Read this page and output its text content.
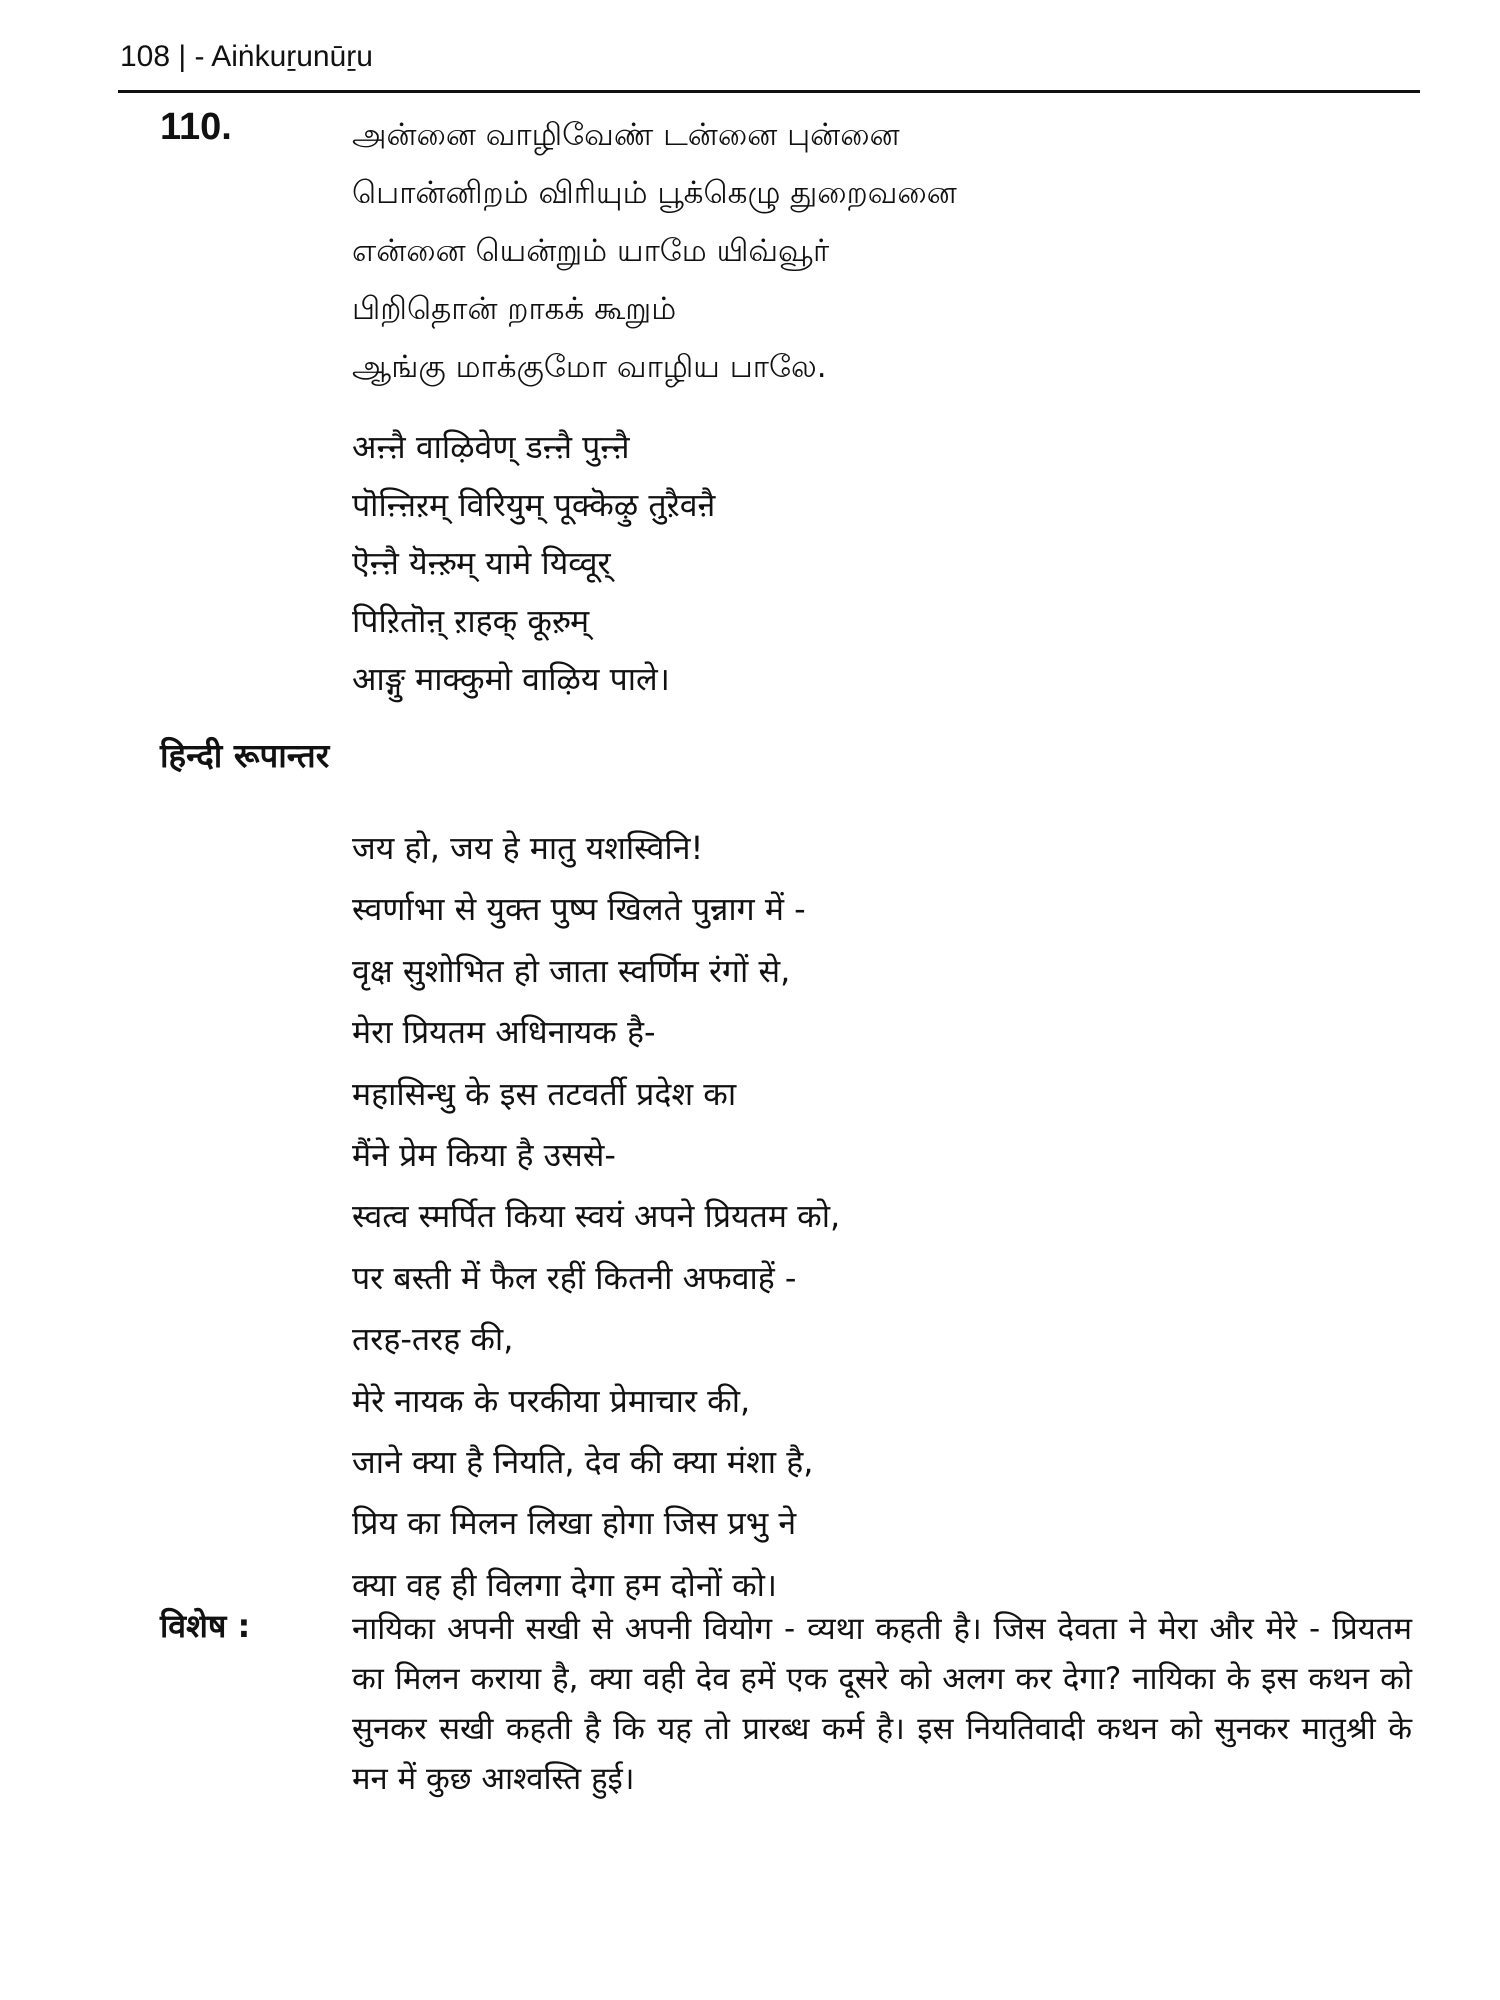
108 | - Aiṅkuṟunūṟu
110.	அன்னை வாழிவேண் டன்னை புன்னை
பொன்னிறம் விரியும் பூக்கெழு துறைவனை
என்னை யென்றும் யாமே யிவ்வூர்
பிறிதொன் றாகக் கூறும்
ஆங்கு மாக்குமோ வாழிய பாலே.
अऩ्ऩै वाऴिवेण् डऩ्ऩै पुऩ्ऩै
पॊऩ्ऩिऱम् विरियुम् पूक्कॆऴु तुऱैवऩै
ऎऩ्ऩै यॆऩ्ऱुम् यामे यिव्वूर्
पिऱितॊऩ् ऱाहक् कूऱुम्
आङ्गु माक्कुमो वाऴिय पाले।
हिन्दी रूपान्तर
जय हो, जय हे मातु यशस्विनि!
स्वर्णाभा से युक्त पुष्प खिलते पुन्नाग में -
वृक्ष सुशोभित हो जाता स्वर्णिम रंगों से,
मेरा प्रियतम अधिनायक है-
महासिन्धु के इस तटवर्ती प्रदेश का
मैंने प्रेम किया है उससे-
स्वत्व स्मर्पित किया स्वयं अपने प्रियतम को,
पर बस्ती में फैल रहीं कितनी अफवाहें -
तरह-तरह की,
मेरे नायक के परकीया प्रेमाचार की,
जाने क्या है नियति, देव की क्या मंशा है,
प्रिय का मिलन लिखा होगा जिस प्रभु ने
क्या वह ही विलगा देगा हम दोनों को।
विशेष :	नायिका अपनी सखी से अपनी वियोग - व्यथा कहती है। जिस देवता ने मेरा और मेरे - प्रियतम का मिलन कराया है, क्या वही देव हमें एक दूसरे को अलग कर देगा? नायिका के इस कथन को सुनकर सखी कहती है कि यह तो प्रारब्ध कर्म है। इस नियतिवादी कथन को सुनकर मातुश्री के मन में कुछ आश्वस्ति हुई।
